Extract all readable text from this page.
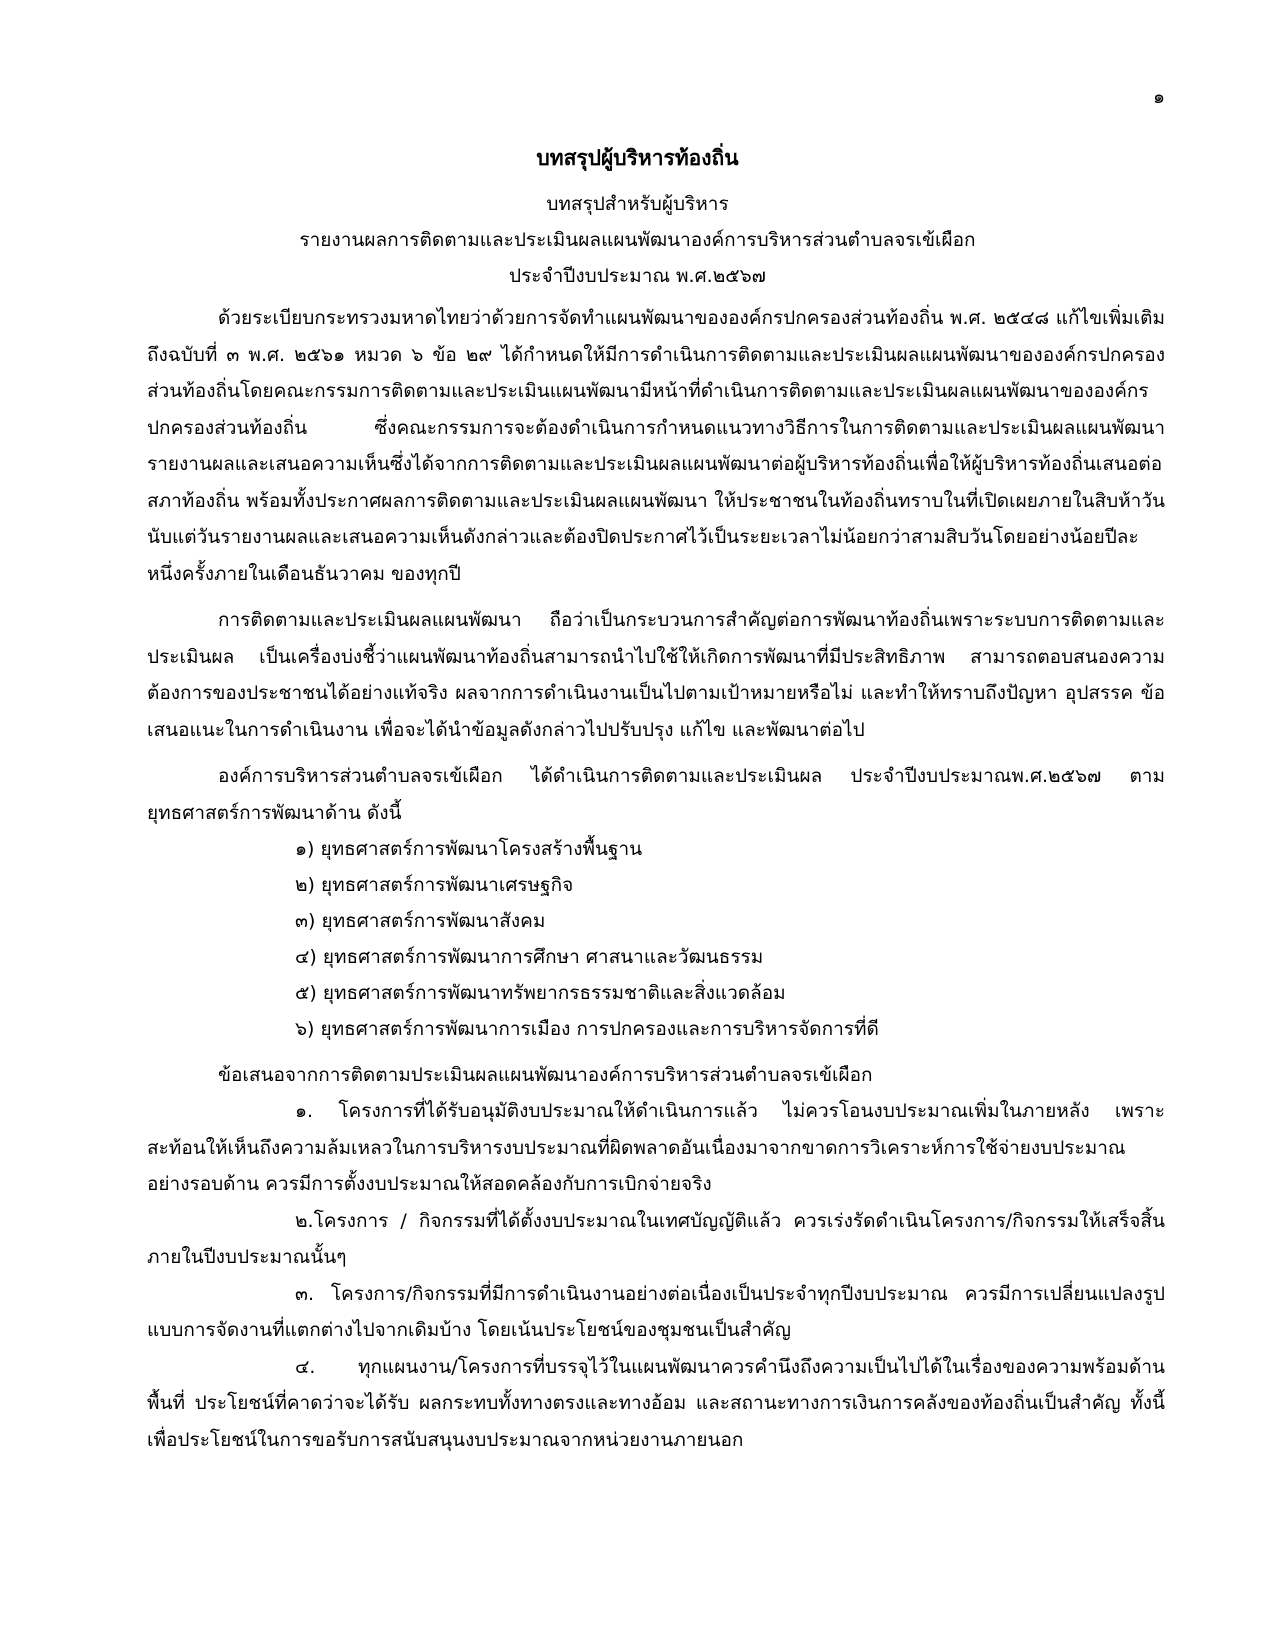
๑
บทสรุปผู้บริหารท้องถิ่น
บทสรุปสำหรับผู้บริหาร
รายงานผลการติดตามและประเมินผลแผนพัฒนาองค์การบริหารส่วนตำบลจรเข้เผือก
ประจำปีงบประมาณ พ.ศ.๒๕๖๗

ด้วยระเบียบกระทรวงมหาดไทยว่าด้วยการจัดทำแผนพัฒนาขององค์กรปกครองส่วนท้องถิ่น พ.ศ. ๒๕๔๘ แก้ไขเพิ่มเติม ถึงฉบับที่ ๓ พ.ศ. ๒๕๖๑ หมวด ๖ ข้อ ๒๙ ได้กำหนดให้มีการดำเนินการติดตามและประเมินผลแผนพัฒนาขององค์กรปกครองส่วนท้องถิ่นโดยคณะกรรมการติดตามและประเมินแผนพัฒนามีหน้าที่ดำเนินการติดตามและประเมินผลแผนพัฒนาขององค์กรปกครองส่วนท้องถิ่น ซึ่งคณะกรรมการจะต้องดำเนินการกำหนดแนวทางวิธีการในการติดตามและประเมินผลแผนพัฒนา รายงานผลและเสนอความเห็นซึ่งได้จากการติดตามและประเมินผลแผนพัฒนาต่อผู้บริหารท้องถิ่นเพื่อให้ผู้บริหารท้องถิ่นเสนอต่อสภาท้องถิ่น พร้อมทั้งประกาศผลการติดตามและประเมินผลแผนพัฒนา ให้ประชาชนในท้องถิ่นทราบในที่เปิดเผยภายในสิบห้าวัน นับแต่วันรายงานผลและเสนอความเห็นดังกล่าวและต้องปิดประกาศไว้เป็นระยะเวลาไม่น้อยกว่าสามสิบวันโดยอย่างน้อยปีละหนึ่งครั้งภายในเดือนธันวาคม ของทุกปี

การติดตามและประเมินผลแผนพัฒนา ถือว่าเป็นกระบวนการสำคัญต่อการพัฒนาท้องถิ่นเพราะระบบการติดตามและประเมินผล เป็นเครื่องบ่งชี้ว่าแผนพัฒนาท้องถิ่นสามารถนำไปใช้ให้เกิดการพัฒนาที่มีประสิทธิภาพ สามารถตอบสนองความต้องการของประชาชนได้อย่างแท้จริง ผลจากการดำเนินงานเป็นไปตามเป้าหมายหรือไม่ และทำให้ทราบถึงปัญหา อุปสรรค ข้อเสนอแนะในการดำเนินงาน เพื่อจะได้นำข้อมูลดังกล่าวไปปรับปรุง แก้ไข และพัฒนาต่อไป

องค์การบริหารส่วนตำบลจรเข้เผือก ได้ดำเนินการติดตามและประเมินผล ประจำปีงบประมาณพ.ศ.๒๕๖๗ ตามยุทธศาสตร์การพัฒนาด้าน ดังนี้

๑) ยุทธศาสตร์การพัฒนาโครงสร้างพื้นฐาน
๒) ยุทธศาสตร์การพัฒนาเศรษฐกิจ
๓) ยุทธศาสตร์การพัฒนาสังคม
๔) ยุทธศาสตร์การพัฒนาการศึกษา ศาสนาและวัฒนธรรม
๕) ยุทธศาสตร์การพัฒนาทรัพยากรธรรมชาติและสิ่งแวดล้อม
๖) ยุทธศาสตร์การพัฒนาการเมือง การปกครองและการบริหารจัดการที่ดี
ข้อเสนอจากการติดตามประเมินผลแผนพัฒนาองค์การบริหารส่วนตำบลจรเข้เผือก

๑. โครงการที่ได้รับอนุมัติงบประมาณให้ดำเนินการแล้ว ไม่ควรโอนงบประมาณเพิ่มในภายหลัง เพราะสะท้อนให้เห็นถึงความล้มเหลวในการบริหารงบประมาณที่ผิดพลาดอันเนื่องมาจากขาดการวิเคราะห์การใช้จ่ายงบประมาณอย่างรอบด้าน ควรมีการตั้งงบประมาณให้สอดคล้องกับการเบิกจ่ายจริง

๒.โครงการ / กิจกรรมที่ได้ตั้งงบประมาณในเทศบัญญัติแล้ว ควรเร่งรัดดำเนินโครงการ/กิจกรรมให้เสร็จสิ้นภายในปีงบประมาณนั้นๆ

๓. โครงการ/กิจกรรมที่มีการดำเนินงานอย่างต่อเนื่องเป็นประจำทุกปีงบประมาณ ควรมีการเปลี่ยนแปลงรูปแบบการจัดงานที่แตกต่างไปจากเดิมบ้าง โดยเน้นประโยชน์ของชุมชนเป็นสำคัญ

๔. ทุกแผนงาน/โครงการที่บรรจุไว้ในแผนพัฒนาควรคำนึงถึงความเป็นไปได้ในเรื่องของความพร้อมด้านพื้นที่ ประโยชน์ที่คาดว่าจะได้รับ ผลกระทบทั้งทางตรงและทางอ้อม และสถานะทางการเงินการคลังของท้องถิ่นเป็นสำคัญ ทั้งนี้เพื่อประโยชน์ในการขอรับการสนับสนุนงบประมาณจากหน่วยงานภายนอก
